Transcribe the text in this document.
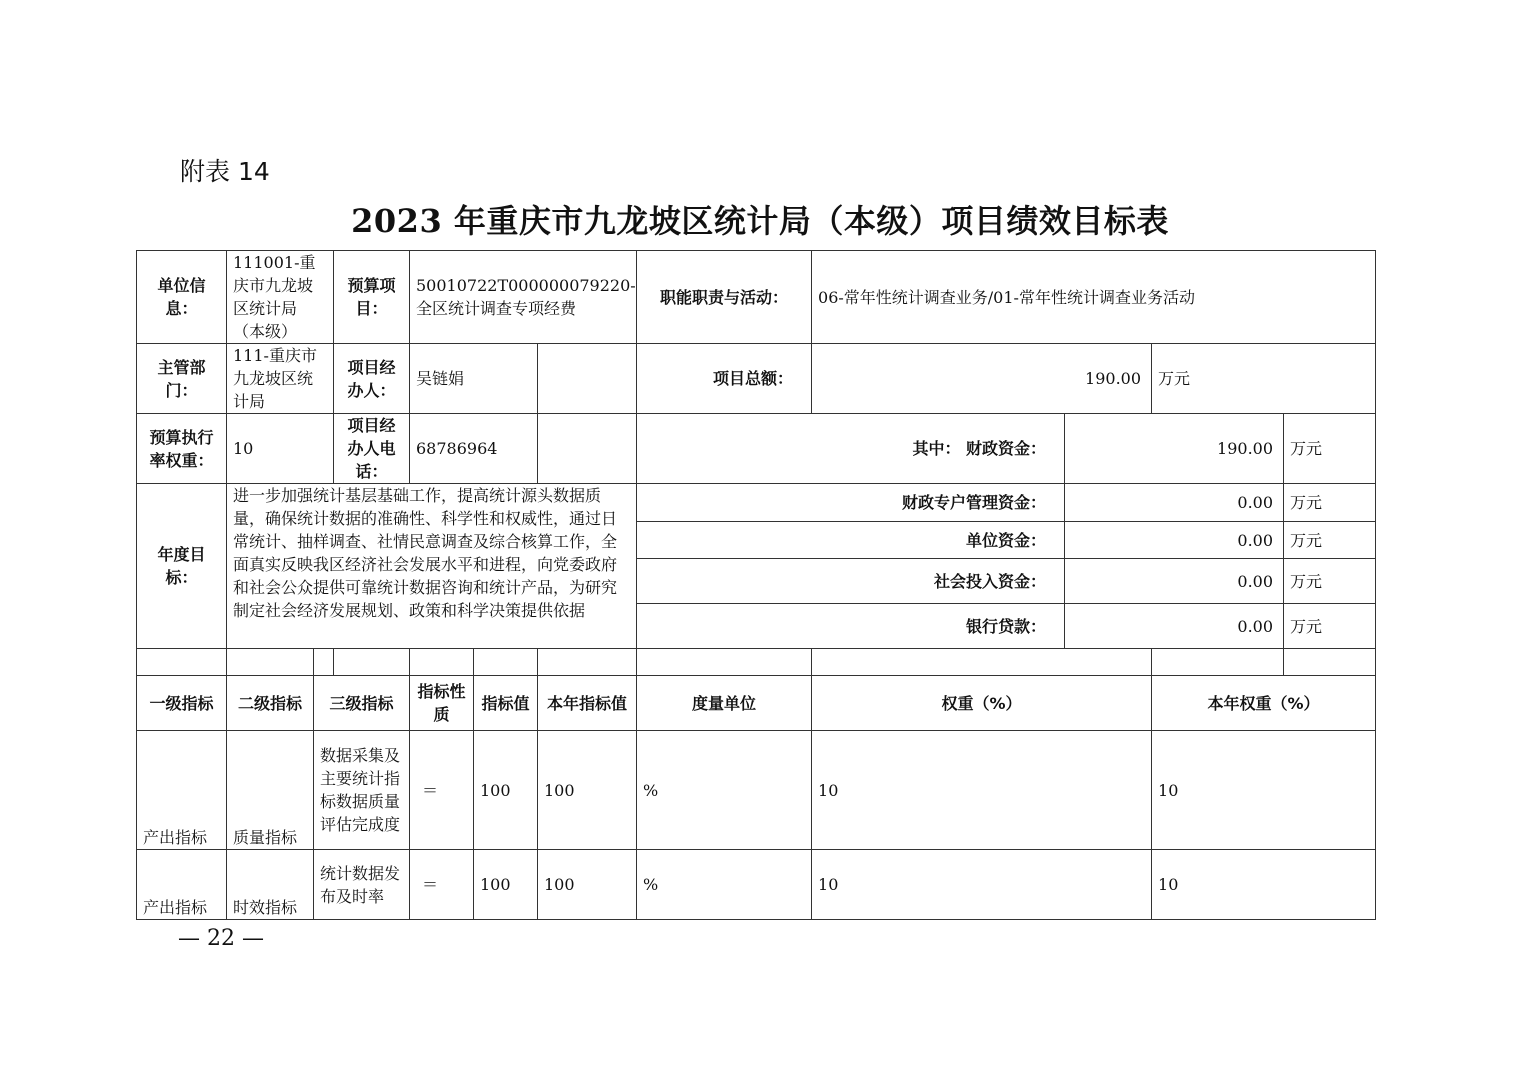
附表 14
2023 年重庆市九龙坡区统计局（本级）项目绩效目标表
单位信息：	111001-重庆市九龙坡区统计局（本级）		预算项目：	50010722T000000079220-全区统计调查专项经费			职能职责与活动：	06-常年性统计调查业务/01-常年性统计调查业务活动			
主管部门：	111-重庆市九龙坡区统计局		项目经办人：	吴链娟			项目总额：	190.00		万元	
预算执行率权重：	10		项目经办人电话：	68786964			其中： 财政资金：		190.00		万元
年度目标：	进一步加强统计基层基础工作，提高统计源头数据质量，确保统计数据的准确性、科学性和权威性，通过日常统计、抽样调查、社情民意调查及综合核算工作，全面真实反映我区经济社会发展水平和进程，向党委政府和社会公众提供可靠统计数据咨询和统计产品，为研究制定社会经济发展规划、政策和科学决策提供依据						财政专户管理资金：		0.00		万元
							单位资金：		0.00		万元
							社会投入资金：		0.00		万元
							银行贷款：		0.00		万元

一级指标	二级指标	三级指标		指标性质	指标值	本年指标值	度量单位	权重（%）		本年权重（%）	
产出指标	质量指标	数据采集及主要统计指标数据质量评估完成度		＝	100	100	%	10		10	
产出指标	时效指标	统计数据发布及时率		＝	100	100	%	10		10	
— 22 —
